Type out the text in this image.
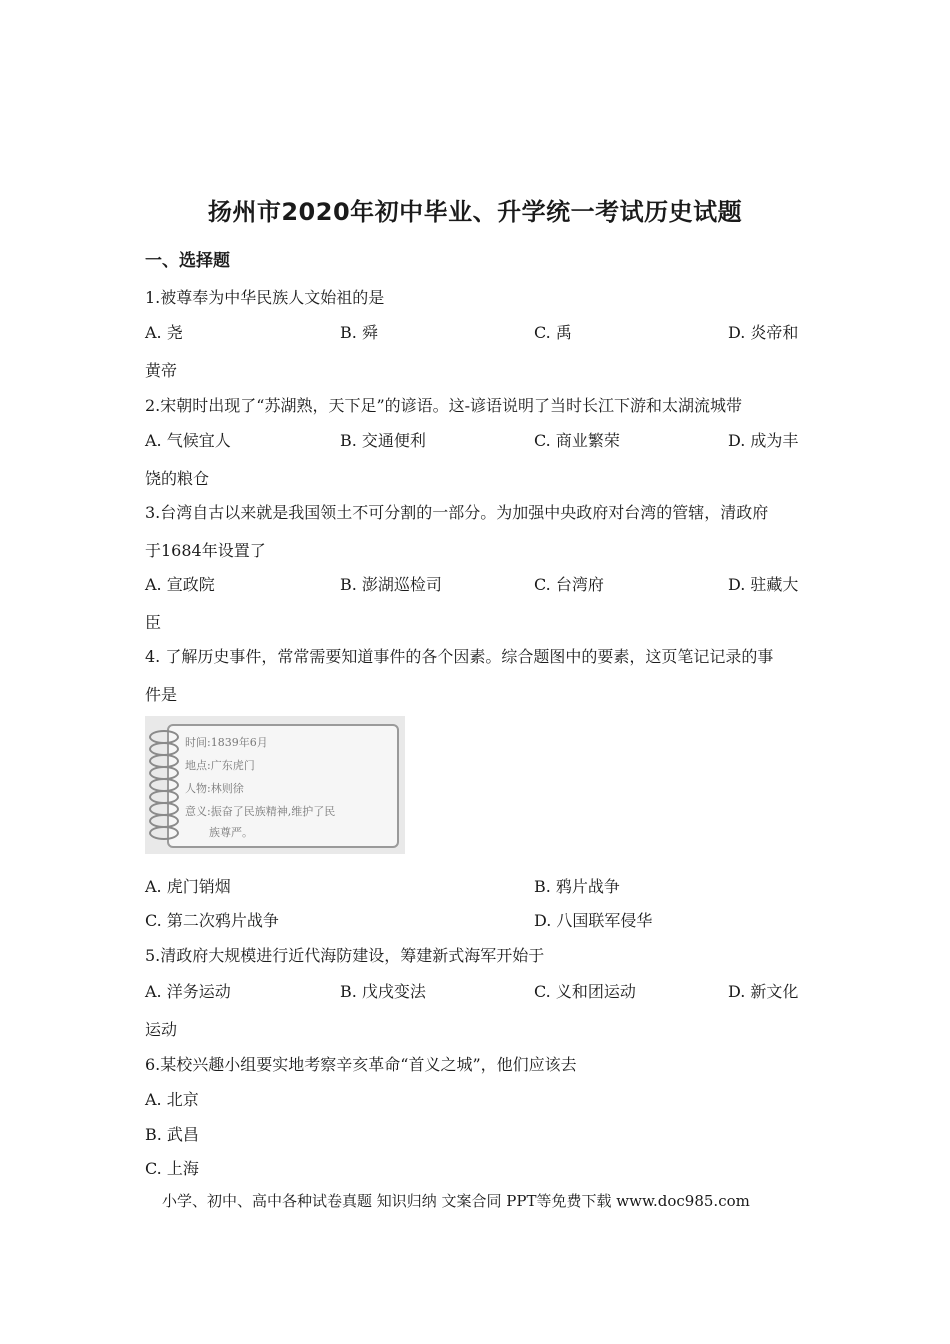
扬州市2020年初中毕业、升学统一考试历史试题
一、选择题
1.被尊奉为中华民族人文始祖的是
A. 尧	B. 舜	C. 禹	D. 炎帝和
黄帝
2.宋朝时出现了“苏湖熟，天下足”的谚语。这-谚语说明了当时长江下游和太湖流城带
A. 气候宜人	B. 交通便利	C. 商业繁荣	D. 成为丰
饶的粮仓
3.台湾自古以来就是我国领土不可分割的一部分。为加强中央政府对台湾的管辖，清政府
于1684年设置了
A. 宣政院	B. 澎湖巡检司	C. 台湾府	D. 驻藏大
臣
4. 了解历史事件，常常需要知道事件的各个因素。综合题图中的要素，这页笔记记录的事
件是
时间:1839年6月
地点:广东虎门
人物:林则徐
意义:振奋了民族精神,维护了民
族尊严。
A. 虎门销烟	B. 鸦片战争
C. 第二次鸦片战争	D. 八国联军侵华
5.清政府大规模进行近代海防建设，筹建新式海军开始于
A. 洋务运动	B. 戊戌变法	C. 义和团运动	D. 新文化
运动
6.某校兴趣小组要实地考察辛亥革命“首义之城”，他们应该去
A. 北京
B. 武昌
C. 上海
小学、初中、高中各种试卷真题 知识归纳 文案合同 PPT等免费下载 www.doc985.com
